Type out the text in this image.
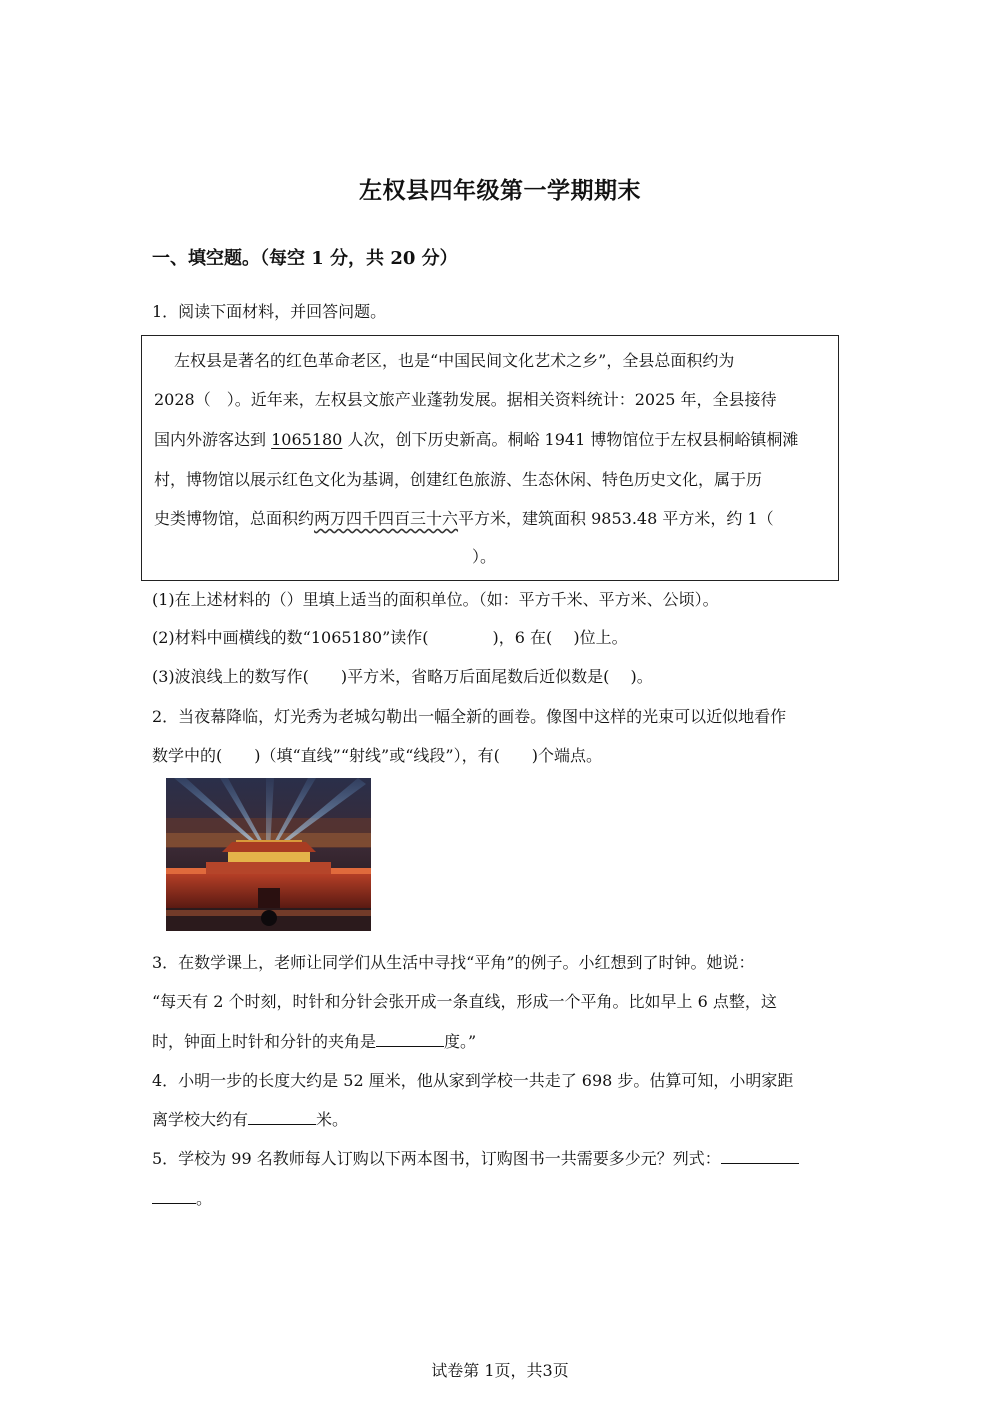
左权县四年级第一学期期末
一、填空题。（每空 1 分，共 20 分）
1．阅读下面材料，并回答问题。
左权县是著名的红色革命老区，也是“中国民间文化艺术之乡”，全县总面积约为
2028（　）。近年来，左权县文旅产业蓬勃发展。据相关资料统计：2025 年，全县接待
国内外游客达到 1065180 人次，创下历史新高。桐峪 1941 博物馆位于左权县桐峪镇桐滩
村，博物馆以展示红色文化为基调，创建红色旅游、生态休闲、特色历史文化，属于历
史类博物馆，总面积约两万四千四百三十六平方米，建筑面积 9853.48 平方米，约 1（
）。
(1)在上述材料的（）里填上适当的面积单位。（如：平方千米、平方米、公顷）。
(2)材料中画横线的数“1065180”读作(　　　　)，6 在(　 )位上。
(3)波浪线上的数写作(　　)平方米，省略万后面尾数后近似数是(　 )。
2．当夜幕降临，灯光秀为老城勾勒出一幅全新的画卷。像图中这样的光束可以近似地看作
数学中的(　　)（填“直线”“射线”或“线段”），有(　　)个端点。
3．在数学课上，老师让同学们从生活中寻找“平角”的例子。小红想到了时钟。她说：
“每天有 2 个时刻，时针和分针会张开成一条直线，形成一个平角。比如早上 6 点整，这
时，钟面上时针和分针的夹角是	度。”
4．小明一步的长度大约是 52 厘米，他从家到学校一共走了 698 步。估算可知，小明家距
离学校大约有	米。
5．学校为 99 名教师每人订购以下两本图书，订购图书一共需要多少元？列式：
。
试卷第 1页，共3页
